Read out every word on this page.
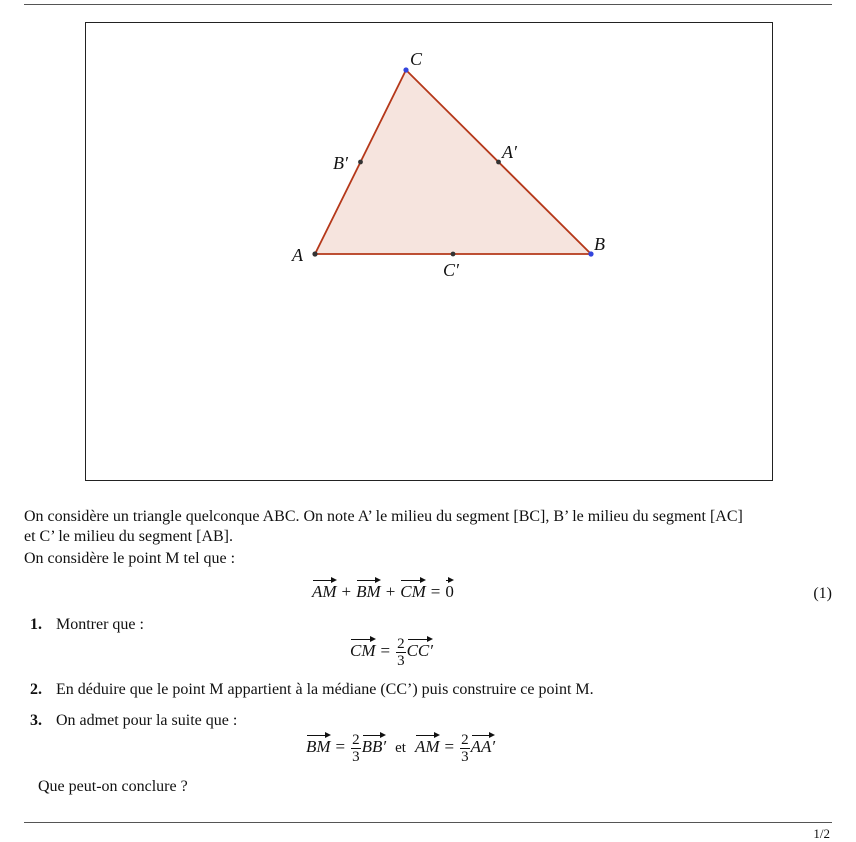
A
B
C
A′
B′
C′
On considère un triangle quelconque ABC. On note A’ le milieu du segment [BC], B’ le milieu du segment [AC]
et C’ le milieu du segment [AB].
On considère le point M tel que :
AM + BM + CM = 0	(1)
1. Montrer que :
CM = $\frac{2}{3} CC'$
2. En déduire que le point M appartient à la médiane (CC’) puis construire ce point M.
3. On admet pour la suite que :
BM = $\frac{2}{3} BB'$ et AM = $\frac{2}{3} AA'$
Que peut-on conclure ?
1/2
